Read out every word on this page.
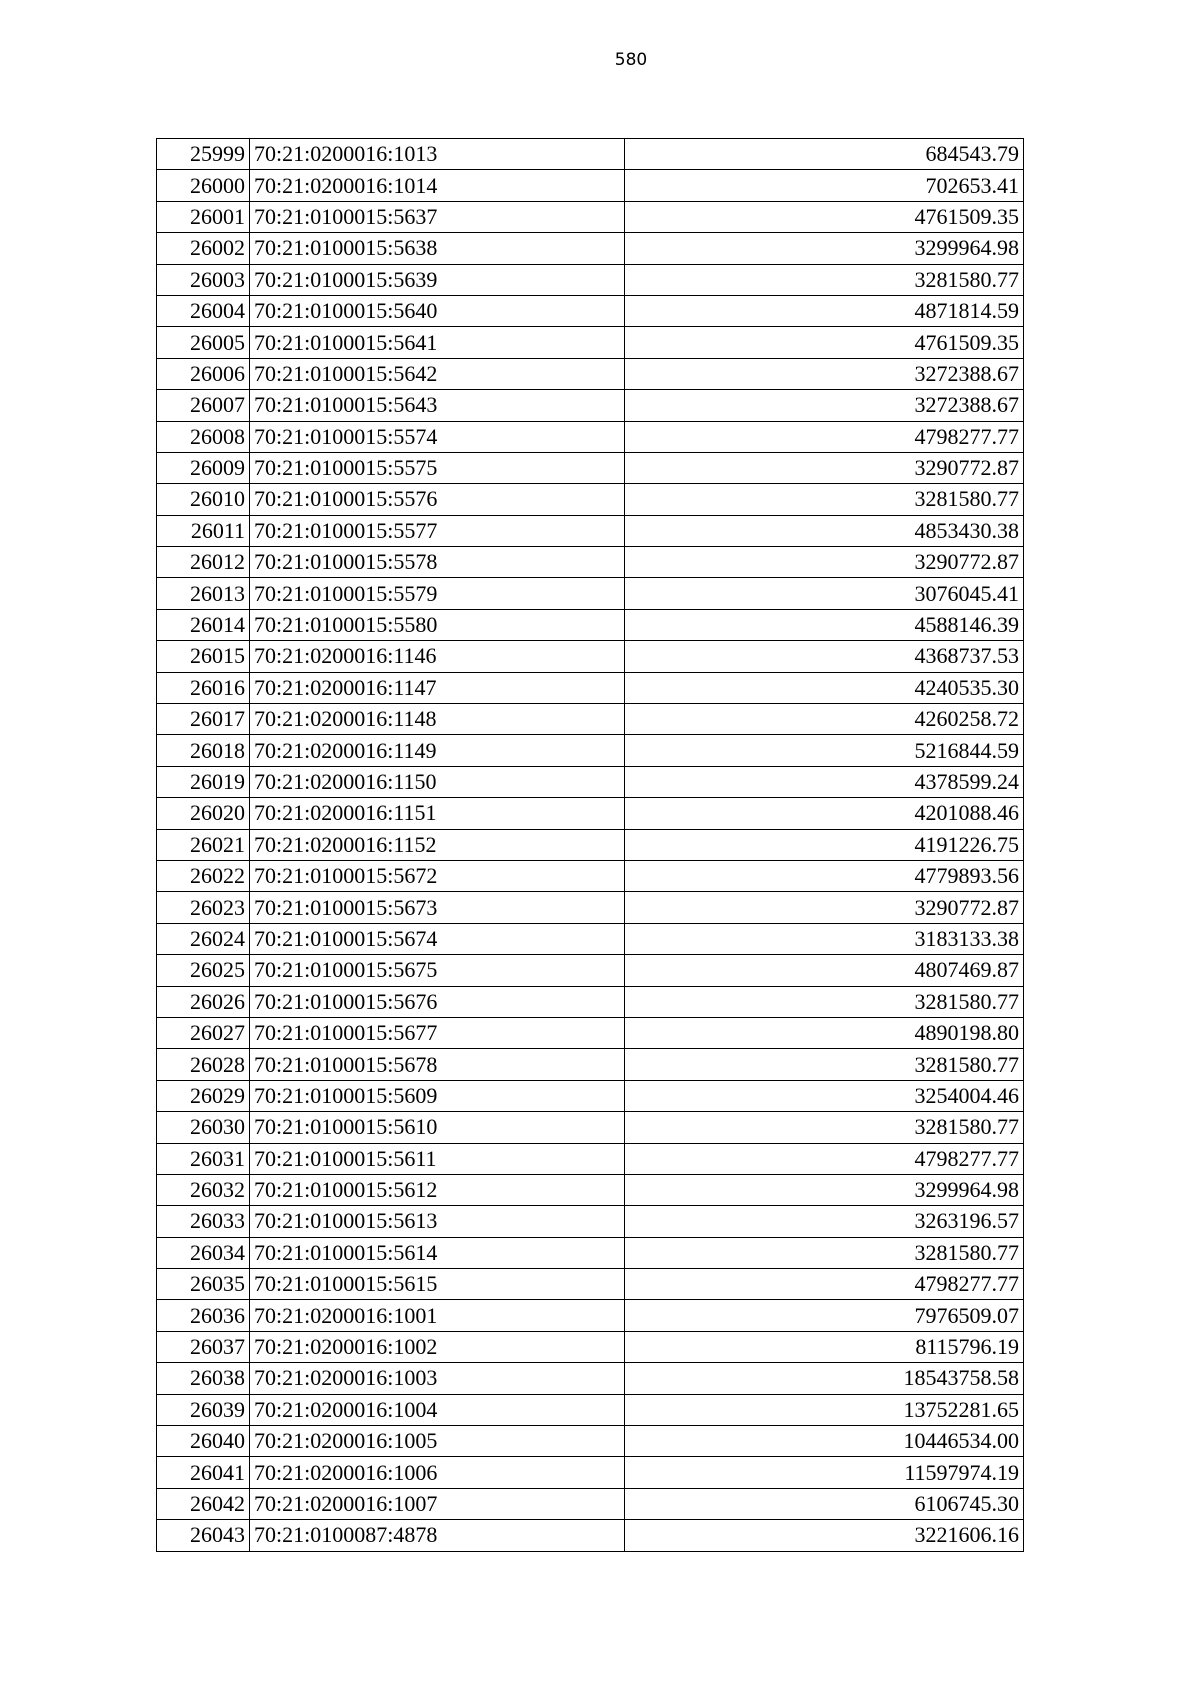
580
25999	70:21:0200016:1013	684543.79
26000	70:21:0200016:1014	702653.41
26001	70:21:0100015:5637	4761509.35
26002	70:21:0100015:5638	3299964.98
26003	70:21:0100015:5639	3281580.77
26004	70:21:0100015:5640	4871814.59
26005	70:21:0100015:5641	4761509.35
26006	70:21:0100015:5642	3272388.67
26007	70:21:0100015:5643	3272388.67
26008	70:21:0100015:5574	4798277.77
26009	70:21:0100015:5575	3290772.87
26010	70:21:0100015:5576	3281580.77
26011	70:21:0100015:5577	4853430.38
26012	70:21:0100015:5578	3290772.87
26013	70:21:0100015:5579	3076045.41
26014	70:21:0100015:5580	4588146.39
26015	70:21:0200016:1146	4368737.53
26016	70:21:0200016:1147	4240535.30
26017	70:21:0200016:1148	4260258.72
26018	70:21:0200016:1149	5216844.59
26019	70:21:0200016:1150	4378599.24
26020	70:21:0200016:1151	4201088.46
26021	70:21:0200016:1152	4191226.75
26022	70:21:0100015:5672	4779893.56
26023	70:21:0100015:5673	3290772.87
26024	70:21:0100015:5674	3183133.38
26025	70:21:0100015:5675	4807469.87
26026	70:21:0100015:5676	3281580.77
26027	70:21:0100015:5677	4890198.80
26028	70:21:0100015:5678	3281580.77
26029	70:21:0100015:5609	3254004.46
26030	70:21:0100015:5610	3281580.77
26031	70:21:0100015:5611	4798277.77
26032	70:21:0100015:5612	3299964.98
26033	70:21:0100015:5613	3263196.57
26034	70:21:0100015:5614	3281580.77
26035	70:21:0100015:5615	4798277.77
26036	70:21:0200016:1001	7976509.07
26037	70:21:0200016:1002	8115796.19
26038	70:21:0200016:1003	18543758.58
26039	70:21:0200016:1004	13752281.65
26040	70:21:0200016:1005	10446534.00
26041	70:21:0200016:1006	11597974.19
26042	70:21:0200016:1007	6106745.30
26043	70:21:0100087:4878	3221606.16
